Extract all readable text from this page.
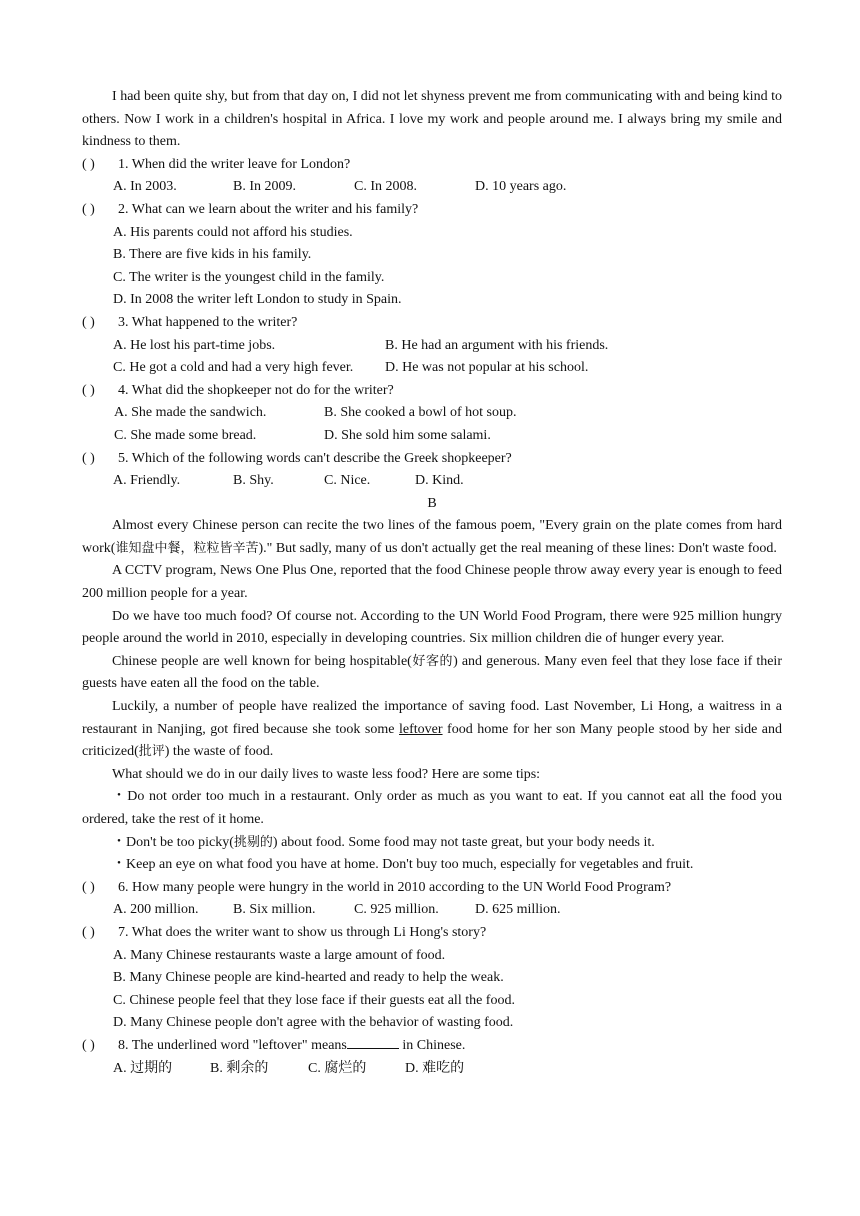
I had been quite shy, but from that day on, I did not let shyness prevent me from communicating with and being kind to others. Now I work in a children's hospital in Africa. I love my work and people around me. I always bring my smile and kindness to them.

( ) 1. When did the writer leave for London?

A. In 2003.	B. In 2009.	C. In 2008.	D. 10 years ago.

( ) 2. What can we learn about the writer and his family?

A. His parents could not afford his studies.

B. There are five kids in his family.

C. The writer is the youngest child in the family.

D. In 2008 the writer left London to study in Spain.

( ) 3. What happened to the writer?

A. He lost his part-time jobs.	B. He had an argument with his friends.
C. He got a cold and had a very high fever. D. He was not popular at his school.

( ) 4. What did the shopkeeper not do for the writer?

A. She made the sandwich.	B. She cooked a bowl of hot soup.
C. She made some bread.	D. She sold him some salami.

( ) 5. Which of the following words can't describe the Greek shopkeeper?

A. Friendly.	B. Shy.	C. Nice.	D. Kind.

B

Almost every Chinese person can recite the two lines of the famous poem, "Every grain on the plate comes from hard work(谁知盘中餐，粒粒皆辛苦)." But sadly, many of us don't actually get the real meaning of these lines: Don't waste food.

A CCTV program, News One Plus One, reported that the food Chinese people throw away every year is enough to feed 200 million people for a year.

Do we have too much food? Of course not. According to the UN World Food Program, there were 925 million hungry people around the world in 2010, especially in developing countries. Six million children die of hunger every year.

Chinese people are well known for being hospitable(好客的) and generous. Many even feel that they lose face if their guests have eaten all the food on the table.

Luckily, a number of people have realized the importance of saving food. Last November, Li Hong, a waitress in a restaurant in Nanjing, got fired because she took some leftover food home for her son Many people stood by her side and criticized(批评) the waste of food.

What should we do in our daily lives to waste less food? Here are some tips:

・Do not order too much in a restaurant. Only order as much as you want to eat. If you cannot eat all the food you ordered, take the rest of it home.

・Don't be too picky(挑剔的) about food. Some food may not taste great, but your body needs it.

・Keep an eye on what food you have at home. Don't buy too much, especially for vegetables and fruit.

( ) 6. How many people were hungry in the world in 2010 according to the UN World Food Program?

A. 200 million. B. Six million.	C. 925 million.	D. 625 million.

( ) 7. What does the writer want to show us through Li Hong's story?

A. Many Chinese restaurants waste a large amount of food.

B. Many Chinese people are kind-hearted and ready to help the weak.

C. Chinese people feel that they lose face if their guests eat all the food.

D. Many Chinese people don't agree with the behavior of wasting food.

( ) 8. The underlined word "leftover" means	in Chinese.

A. 过期的	B. 剩余的	C. 腐烂的	D. 难吃的
